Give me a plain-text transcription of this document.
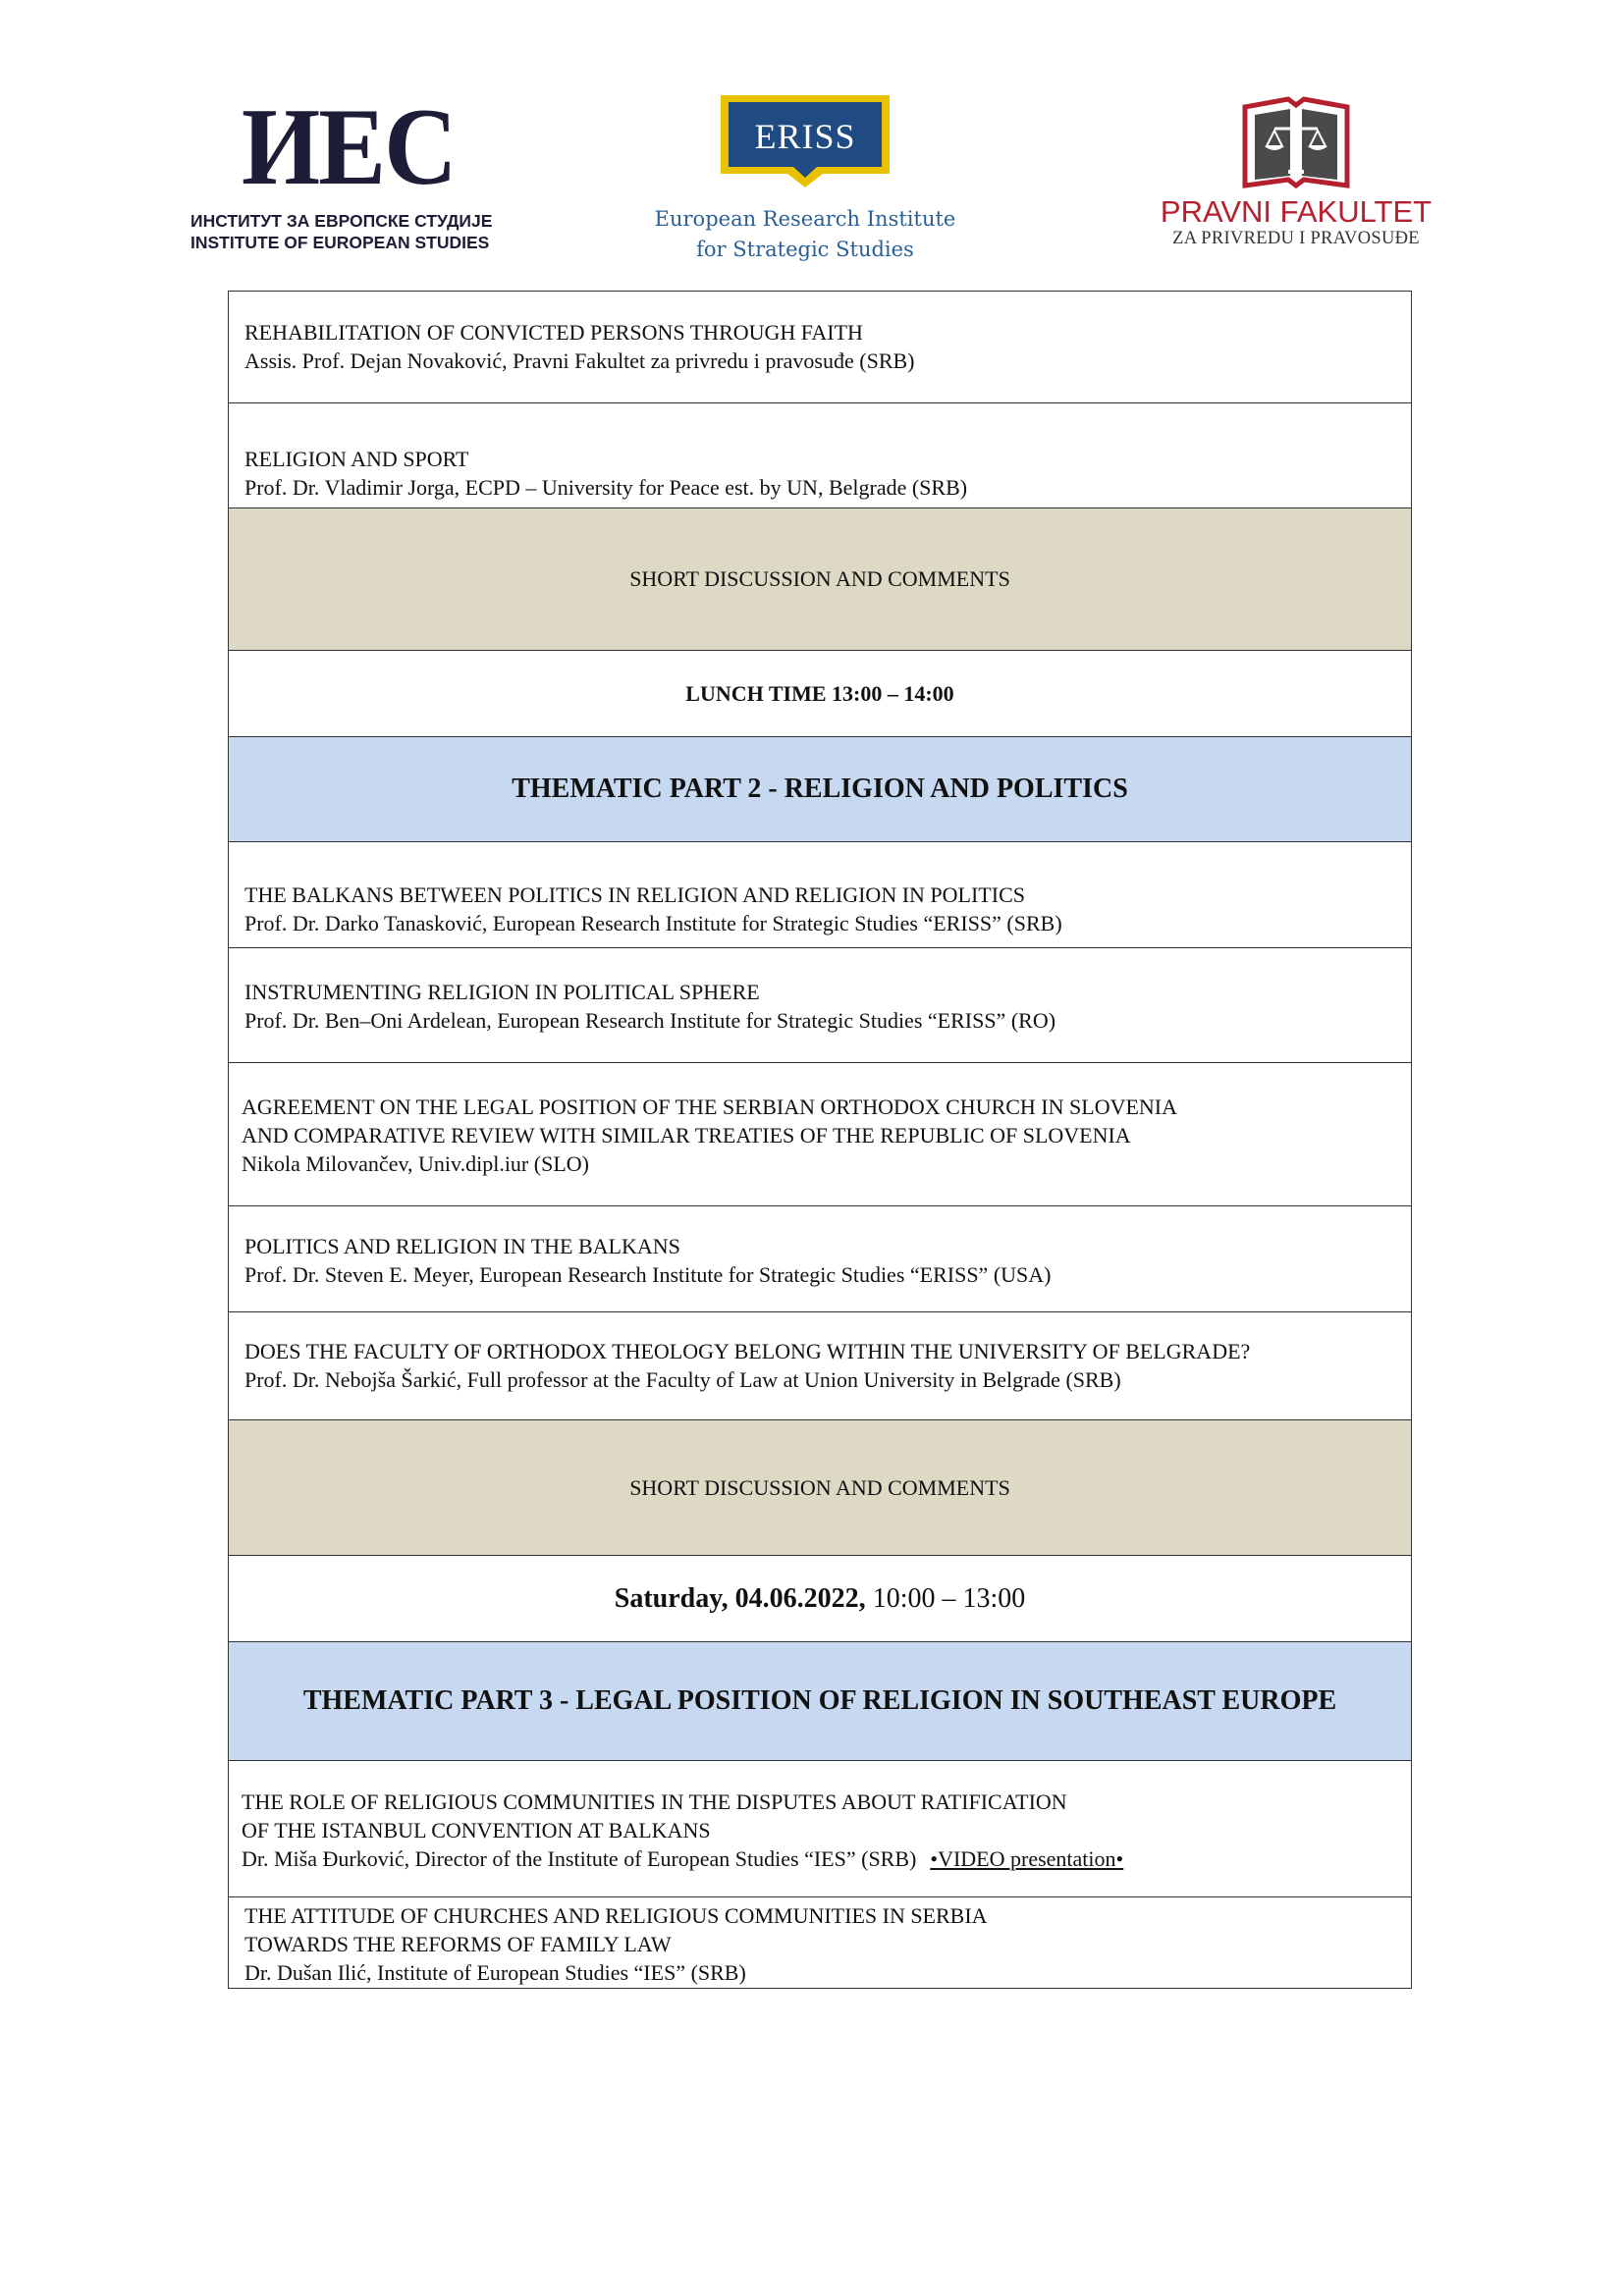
ИЕС
ИНСТИТУТ ЗА ЕВРОПСКЕ СТУДИЈЕ
INSTITUTE OF EUROPEAN STUDIES
ERISS
European Research Institute
for Strategic Studies
PRAVNI FAKULTET
ZA PRIVREDU I PRAVOSUĐE
REHABILITATION OF CONVICTED PERSONS THROUGH FAITH
Assis. Prof. Dejan Novaković, Pravni Fakultet za privredu i pravosuđe (SRB)
RELIGION AND SPORT
Prof. Dr. Vladimir Jorga, ECPD – University for Peace est. by UN, Belgrade (SRB)
SHORT DISCUSSION AND COMMENTS
LUNCH TIME 13:00 – 14:00
THEMATIC PART 2 - RELIGION AND POLITICS
THE BALKANS BETWEEN POLITICS IN RELIGION AND RELIGION IN POLITICS
Prof. Dr. Darko Tanasković, European Research Institute for Strategic Studies “ERISS” (SRB)
INSTRUMENTING RELIGION IN POLITICAL SPHERE
Prof. Dr. Ben–Oni Ardelean, European Research Institute for Strategic Studies “ERISS” (RO)
AGREEMENT ON THE LEGAL POSITION OF THE SERBIAN ORTHODOX CHURCH IN SLOVENIA
AND COMPARATIVE REVIEW WITH SIMILAR TREATIES OF THE REPUBLIC OF SLOVENIA
Nikola Milovančev, Univ.dipl.iur (SLO)
POLITICS AND RELIGION IN THE BALKANS
Prof. Dr. Steven E. Meyer, European Research Institute for Strategic Studies “ERISS” (USA)
DOES THE FACULTY OF ORTHODOX THEOLOGY BELONG WITHIN THE UNIVERSITY OF BELGRADE?
Prof. Dr. Nebojša Šarkić, Full professor at the Faculty of Law at Union University in Belgrade (SRB)
SHORT DISCUSSION AND COMMENTS
Saturday, 04.06.2022, 10:00 – 13:00
THEMATIC PART 3 - LEGAL POSITION OF RELIGION IN SOUTHEAST EUROPE
THE ROLE OF RELIGIOUS COMMUNITIES IN THE DISPUTES ABOUT RATIFICATION
OF THE ISTANBUL CONVENTION AT BALKANS
Dr. Miša Đurković, Director of the Institute of European Studies “IES” (SRB) •VIDEO presentation•
THE ATTITUDE OF CHURCHES AND RELIGIOUS COMMUNITIES IN SERBIA
TOWARDS THE REFORMS OF FAMILY LAW
Dr. Dušan Ilić, Institute of European Studies “IES” (SRB)
